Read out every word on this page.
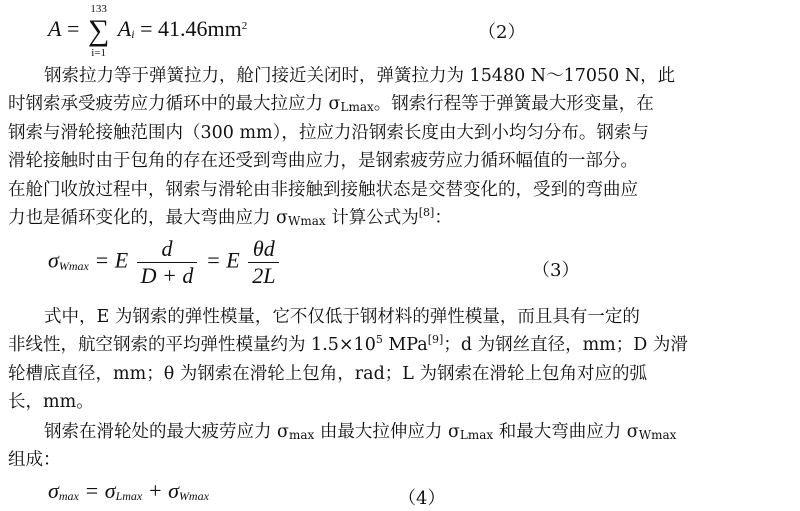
A =
133
∑
i=1
$Ai = 41.46mm^2$	（2）
钢索拉力等于弹簧拉力，舱门接近关闭时，弹簧拉力为 15480 N～17050 N，此
时钢索承受疲劳应力循环中的最大拉应力 σLmax。钢索行程等于弹簧最大形变量，在
钢索与滑轮接触范围内（300 mm），拉应力沿钢索长度由大到小均匀分布。钢索与
滑轮接触时由于包角的存在还受到弯曲应力，是钢索疲劳应力循环幅值的一部分。
在舱门收放过程中，钢索与滑轮由非接触到接触状态是交替变化的，受到的弯曲应
力也是循环变化的，最大弯曲应力 σWmax 计算公式为[8]：
σWmax = E $\frac{d}{D + d} = E \frac{\theta d}{2L}$	（3）
式中，E 为钢索的弹性模量，它不仅低于钢材料的弹性模量，而且具有一定的
非线性，航空钢索的平均弹性模量约为 $1.5\times 10^5$ MPa[9]；d 为钢丝直径，mm；D 为滑
轮槽底直径，mm；θ 为钢索在滑轮上包角，rad；L 为钢索在滑轮上包角对应的弧
长，mm。
钢索在滑轮处的最大疲劳应力 σmax 由最大拉伸应力 σLmax 和最大弯曲应力 σWmax
组成：
σmax = σLmax + σWmax	（4）
